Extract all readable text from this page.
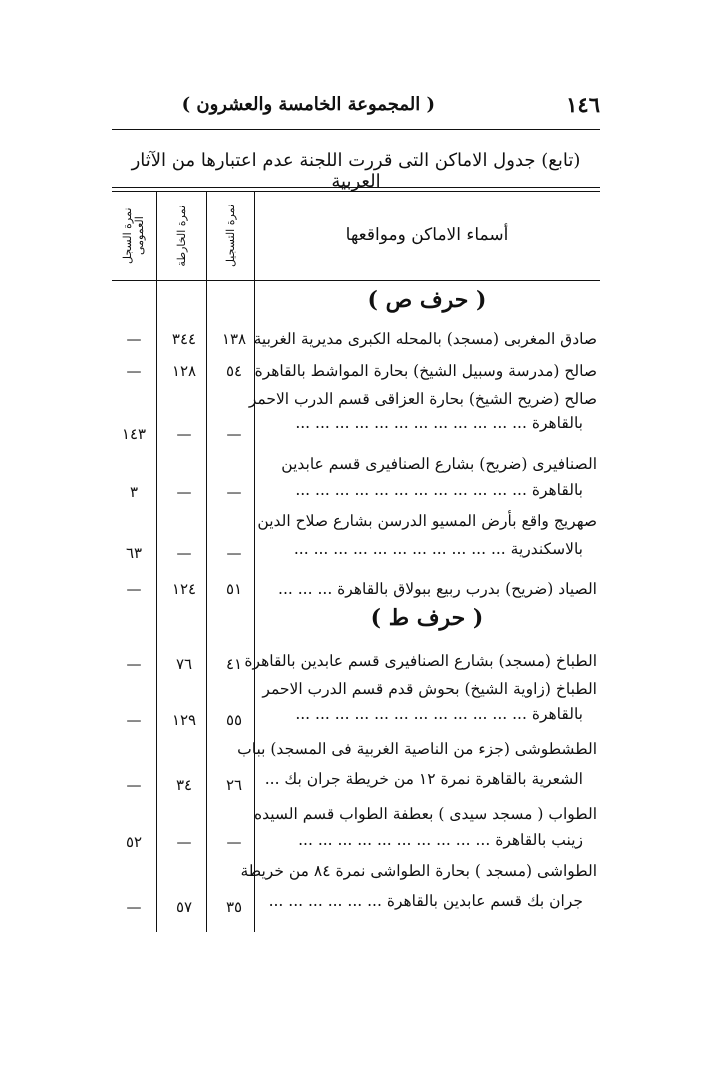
١٤٦
( المجموعة الخامسة والعشرون )
(تابع) جدول الاماكن التى قررت اللجنة عدم اعتبارها من الآثار العربية
نمرة التسجيل
نمرة الخارطة
نمرة السجل العمومى	أسماء الاماكن ومواقعها
( حرف ص )
صادق المغربى (مسجد) بالمحله الكبرى مديرية الغربية
١٣٨
٣٤٤
—
صالح (مدرسة وسبيل الشيخ) بحارة المواشط بالقاهرة
٥٤
١٢٨
—
صالح (ضريح الشيخ) بحارة العزاقى قسم الدرب الاحمر
بالقاهرة ... ... ... ... ... ... ... ... ... ... ... ...
—
—
١٤٣
الصنافيرى (ضريح) بشارع الصنافيرى قسم عابدين
بالقاهرة ... ... ... ... ... ... ... ... ... ... ... ...
—
—
٣
صهريج واقع بأرض المسيو الدرسن بشارع صلاح الدين
بالاسكندرية ... ... ... ... ... ... ... ... ... ... ...
—
—
٦٣
الصياد (ضريح) بدرب ربيع ببولاق بالقاهرة ... ... ...
٥١
١٢٤
—
( حرف ط )
الطباخ (مسجد) بشارع الصنافيرى قسم عابدين بالقاهرة
٤١
٧٦
—
الطباخ (زاوية الشيخ) بحوش قدم قسم الدرب الاحمر
بالقاهرة ... ... ... ... ... ... ... ... ... ... ... ...
٥٥
١٢٩
—
الطشطوشى (جزء من الناصية الغربية فى المسجد) بباب
الشعرية بالقاهرة نمرة ١٢ من خريطة جران بك ...
٢٦
٣٤
—
الطواب ( مسجد سيدى ) بعطفة الطواب قسم السيده
زينب بالقاهرة ... ... ... ... ... ... ... ... ... ...
—
—
٥٢
الطواشى (مسجد ) بحارة الطواشى نمرة ٨٤ من خريطة
جران بك قسم عابدين بالقاهرة ... ... ... ... ... ...
٣٥
٥٧
—
